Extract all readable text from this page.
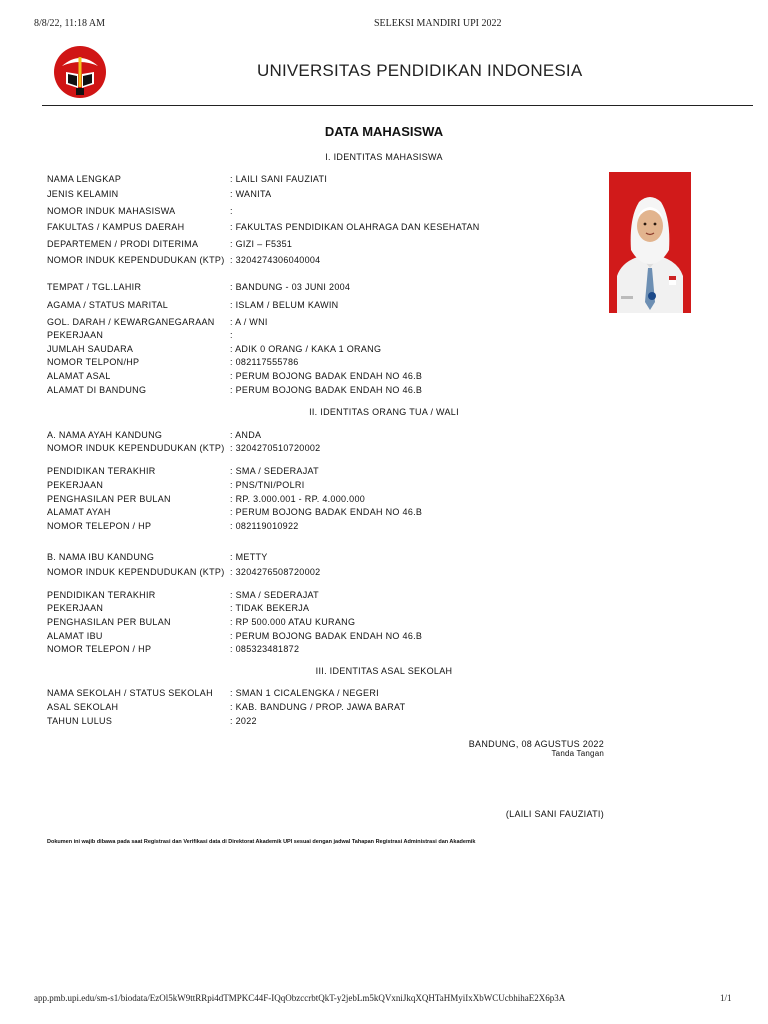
8/8/22, 11:18 AM	SELEKSI MANDIRI UPI 2022
UNIVERSITAS PENDIDIKAN INDONESIA
DATA MAHASISWA
I. IDENTITAS MAHASISWA
NAMA LENGKAP	: LAILI SANI FAUZIATI
JENIS KELAMIN	: WANITA
NOMOR INDUK MAHASISWA	:
FAKULTAS / KAMPUS DAERAH	: FAKULTAS PENDIDIKAN OLAHRAGA DAN KESEHATAN
DEPARTEMEN / PRODI DITERIMA	: GIZI – F5351
NOMOR INDUK KEPENDUDUKAN (KTP) : 3204274306040004
TEMPAT / TGL.LAHIR	: BANDUNG - 03 JUNI 2004
AGAMA / STATUS MARITAL	: ISLAM / BELUM KAWIN
GOL. DARAH / KEWARGANEGARAAN	: A / WNI
PEKERJAAN	:
JUMLAH SAUDARA	: ADIK 0 ORANG / KAKA 1 ORANG
NOMOR TELPON/HP	: 082117555786
ALAMAT ASAL	: PERUM BOJONG BADAK ENDAH NO 46.B
ALAMAT DI BANDUNG	: PERUM BOJONG BADAK ENDAH NO 46.B
II. IDENTITAS ORANG TUA / WALI
A. NAMA AYAH KANDUNG	: ANDA
NOMOR INDUK KEPENDUDUKAN (KTP) : 3204270510720002
PENDIDIKAN TERAKHIR	: SMA / SEDERAJAT
PEKERJAAN	: PNS/TNI/POLRI
PENGHASILAN PER BULAN	: RP. 3.000.001 - RP. 4.000.000
ALAMAT AYAH	: PERUM BOJONG BADAK ENDAH NO 46.B
NOMOR TELEPON / HP	: 082119010922
B. NAMA IBU KANDUNG	: METTY
NOMOR INDUK KEPENDUDUKAN (KTP) : 3204276508720002
PENDIDIKAN TERAKHIR	: SMA / SEDERAJAT
PEKERJAAN	: TIDAK BEKERJA
PENGHASILAN PER BULAN	: RP 500.000 ATAU KURANG
ALAMAT IBU	: PERUM BOJONG BADAK ENDAH NO 46.B
NOMOR TELEPON / HP	: 085323481872
III. IDENTITAS ASAL SEKOLAH
NAMA SEKOLAH / STATUS SEKOLAH	: SMAN 1 CICALENGKA / NEGERI
ASAL SEKOLAH	: KAB. BANDUNG / PROP. JAWA BARAT
TAHUN LULUS	: 2022
BANDUNG, 08 AGUSTUS 2022
Tanda Tangan
(LAILI SANI FAUZIATI)
Dokumen ini wajib dibawa pada saat Registrasi dan Verifikasi data di Direktorat Akademik UPI sesuai dengan jadwal Tahapan Registrasi Administrasi dan Akademik
app.pmb.upi.edu/sm-s1/biodata/EzOl5kW9ttRRpi4dTMPKC44F-IQqObzccrbtQkT-y2jebLm5kQVxniJkqXQHTaHMyiIxXbWCUcbhihaE2X6p3A	1/1
